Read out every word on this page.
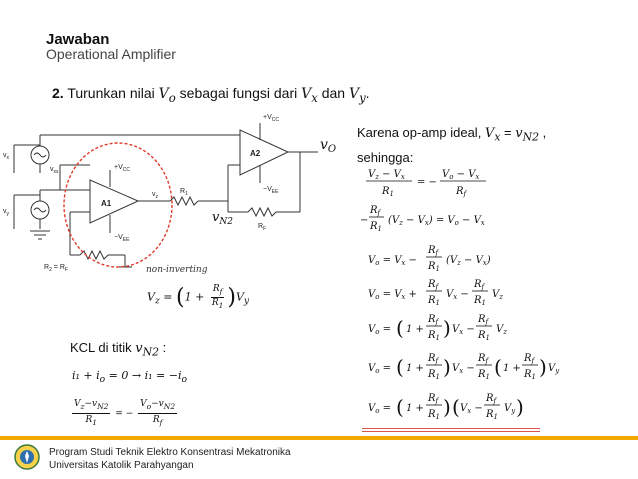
Jawaban
Operational Amplifier
2. Turunkan nilai $V_o$ sebagai fungsi dari $V_x$ dan $V_y$.
$v_x$
$v_y$
$v_{xx}$
$v_z$
A1
A2
$+V_{CC}$
$-V_{EE}$
$+V_{CC}$
$-V_{EE}$
$R_1$
$R_F$
$R_2 = R_F$
$v_O$
$v_{N2}$
non-inverting
$V_z = (1 + \frac{R_f}{R_1} )V_y$
Karena op-amp ideal, $V_x = v_{N2}$ ,
sehingga:
$V_z - V_x$
$R_1$
= −
$V_o - V_x$
$R_f$
−
$R_f$
$R_1$
$(V_z - V_x) = V_o - V_x$
$V_o = V_x$ −
$R_f$
$R_1$
$(V_z - V_x)$
$V_o = V_x$ +
$R_f$
$R_1$
$V_x$ −
$R_f$
$R_1$
$V_z$
$V_o$ = ( 1 +
$R_f$
$R_1$ ) $V_x$ −
$R_f$
$R_1$
$V_z$
$V_o$ = ( 1 +
$R_f$
$R_1$ ) $V_x$ −
$R_f$
$R_1$ ( 1 +
$R_f$
$R_1$ ) $V_y$
$V_o$ = ( 1 +
$R_f$
$R_1$ ) ( $V_x$ −
$R_f$
$R_1$
$V_y$ )
KCL di titik $v_{N2}$ :
$i_1 + i_o = 0 \to i_1 = -i_o$
$\frac{V_z-v_{N2}}{R_1}$ = − $\frac{V_o-v_{N2}}{R_f}$
Program Studi Teknik Elektro Konsentrasi Mekatronika
Universitas Katolik Parahyangan
